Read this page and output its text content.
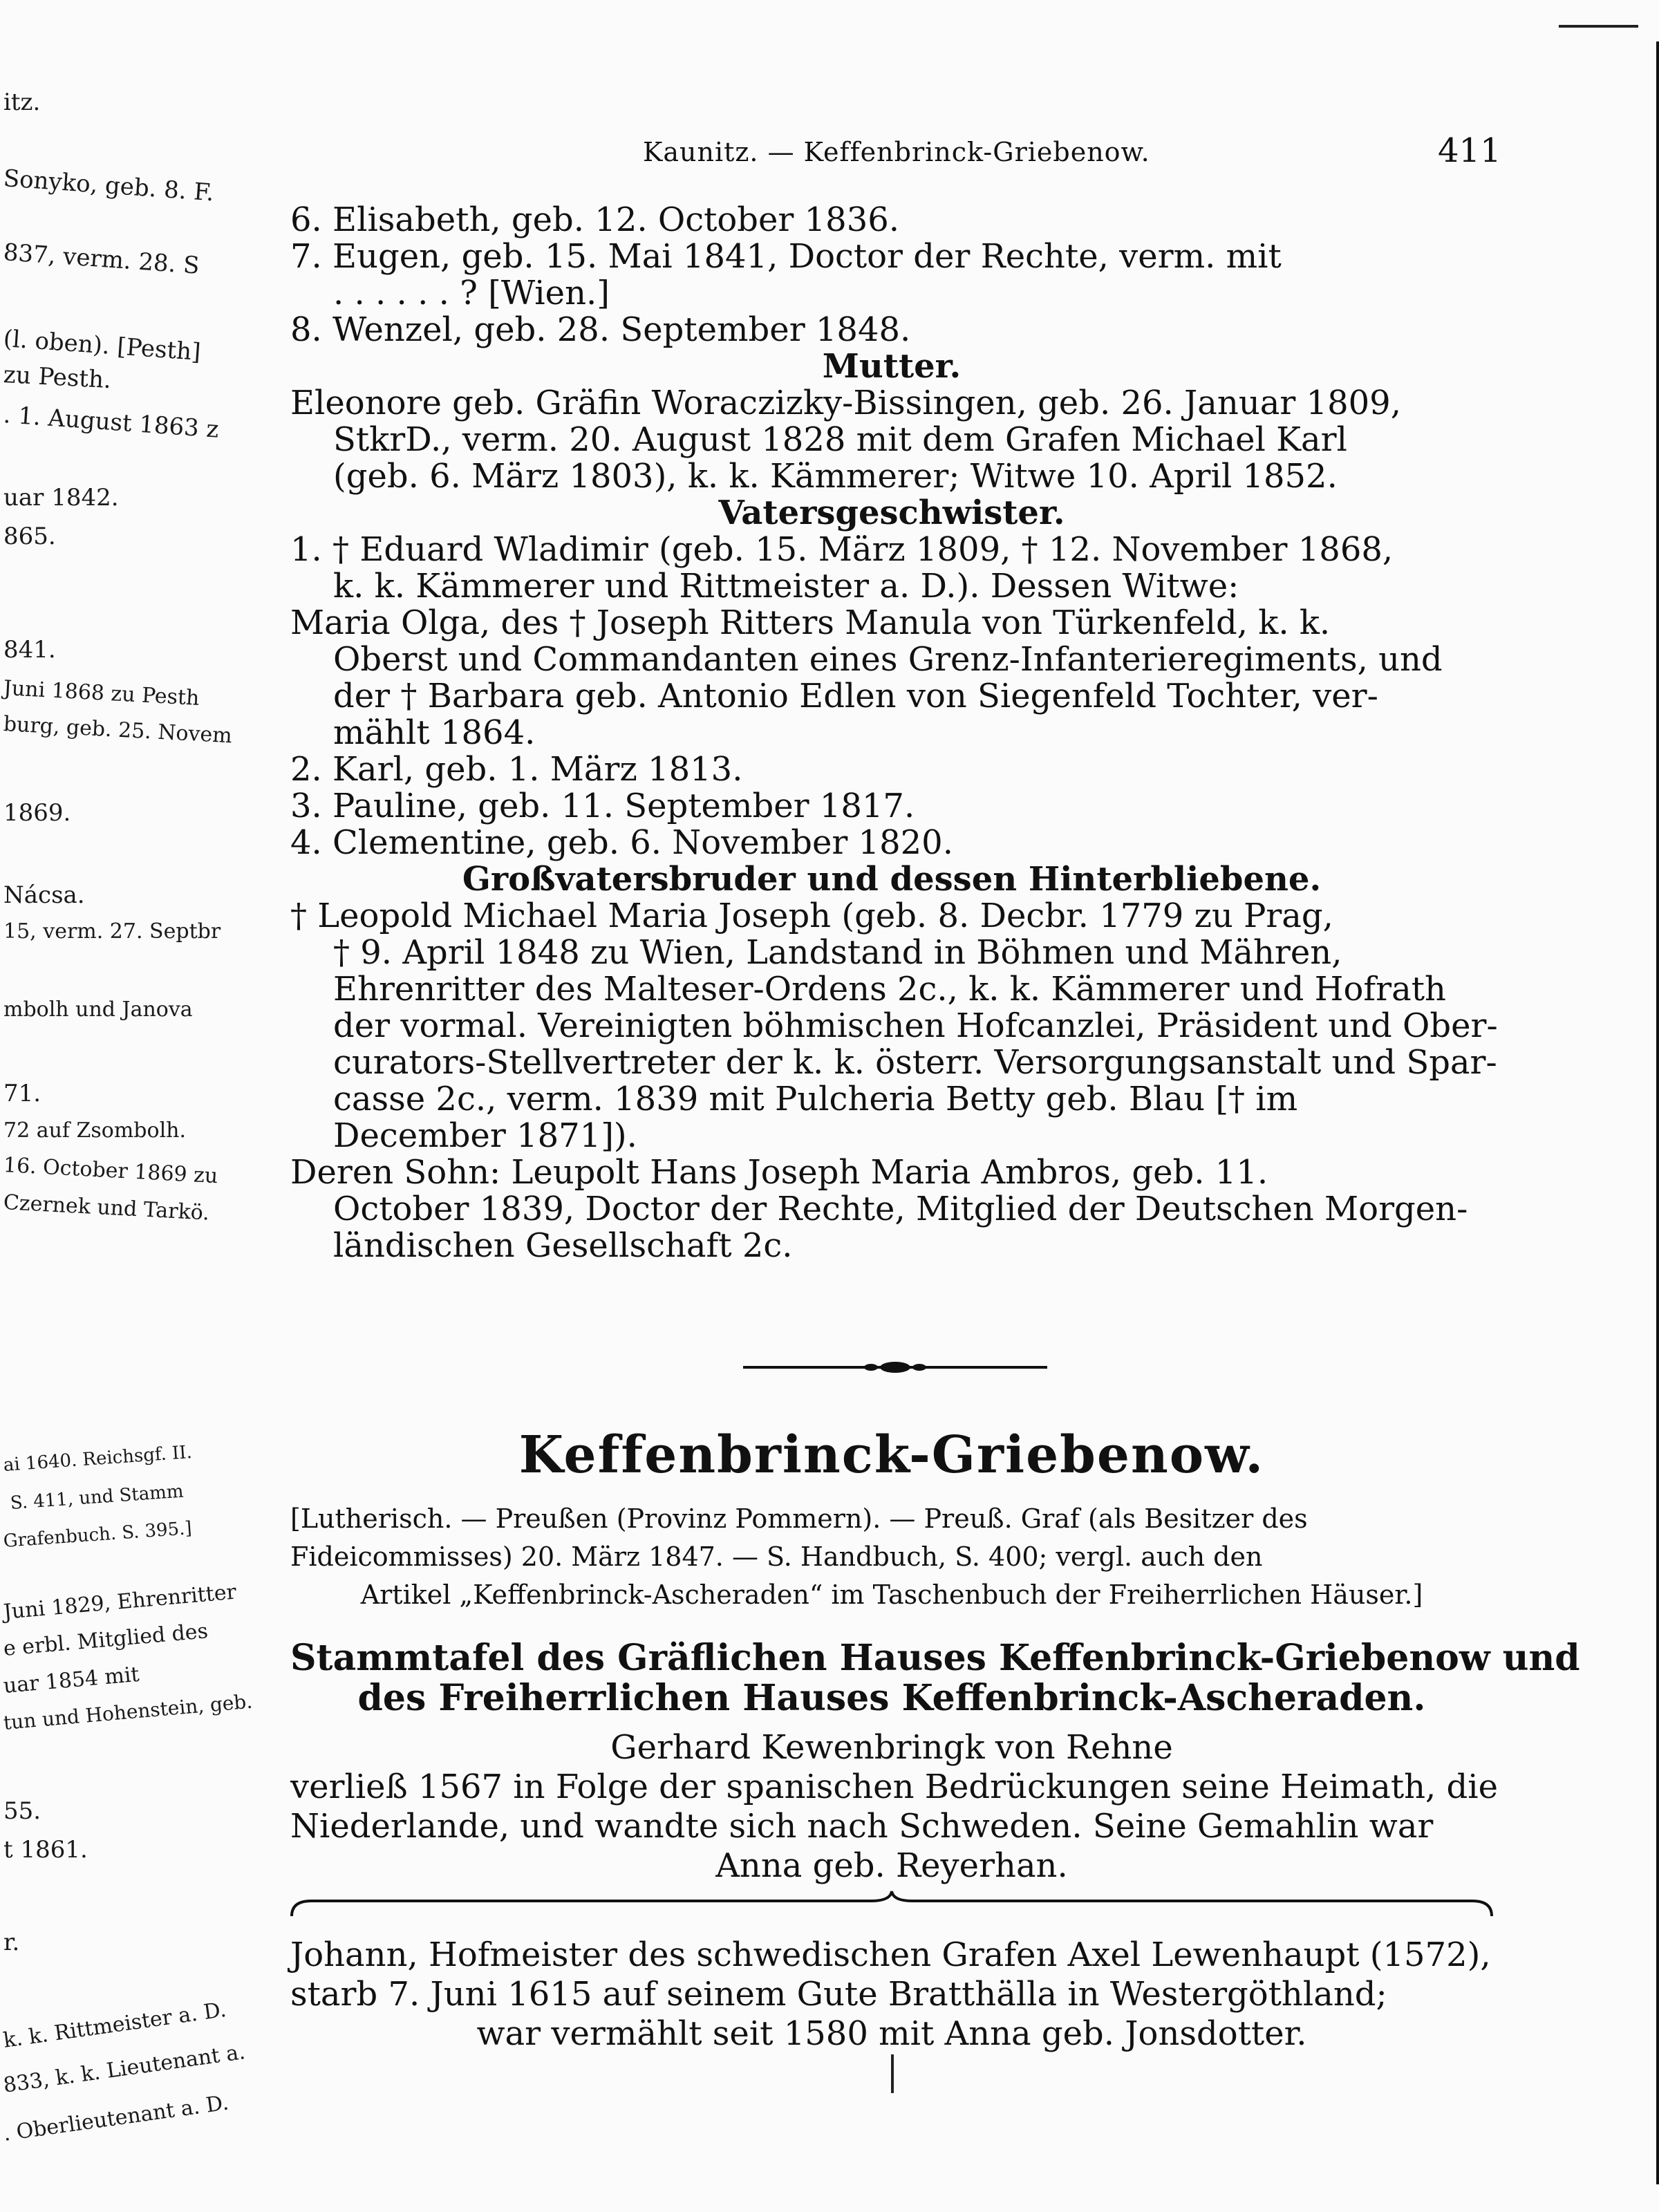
itz.
Sonyko, geb. 8. F.
837, verm. 28. S
(l. oben). [Pesth]
zu Pesth.
. 1. August 1863 z
uar 1842.
865.
841.
Juni 1868 zu Pesth
burg, geb. 25. Novem
1869.
Nácsa.
15, verm. 27. Septbr
mbolh und Janova
71.
72 auf Zsombolh.
16. October 1869 zu
Czernek und Tarkö.
ai 1640. Reichsgf. II.
S. 411, und Stamm
Grafenbuch. S. 395.]
Juni 1829, Ehrenritter
e erbl. Mitglied des
uar 1854 mit
tun und Hohenstein, geb.
55.
t 1861.
r.
k. k. Rittmeister a. D.
833, k. k. Lieutenant a.
. Oberlieutenant a. D.
Kaunitz. — Keffenbrinck-Griebenow.	411
6. Elisabeth, geb. 12. October 1836.
7. Eugen, geb. 15. Mai 1841, Doctor der Rechte, verm. mit
. . . . . . ? [Wien.]
8. Wenzel, geb. 28. September 1848.
Mutter.
Eleonore geb. Gräfin Woraczizky-Bissingen, geb. 26. Januar 1809,
StkrD., verm. 20. August 1828 mit dem Grafen Michael Karl
(geb. 6. März 1803), k. k. Kämmerer; Witwe 10. April 1852.
Vatersgeschwister.
1. † Eduard Wladimir (geb. 15. März 1809, † 12. November 1868,
k. k. Kämmerer und Rittmeister a. D.). Dessen Witwe:
Maria Olga, des † Joseph Ritters Manula von Türkenfeld, k. k.
Oberst und Commandanten eines Grenz-Infanterieregiments, und
der † Barbara geb. Antonio Edlen von Siegenfeld Tochter, ver-
mählt 1864.
2. Karl, geb. 1. März 1813.
3. Pauline, geb. 11. September 1817.
4. Clementine, geb. 6. November 1820.
Großvatersbruder und dessen Hinterbliebene.
† Leopold Michael Maria Joseph (geb. 8. Decbr. 1779 zu Prag,
† 9. April 1848 zu Wien, Landstand in Böhmen und Mähren,
Ehrenritter des Malteser-Ordens 2c., k. k. Kämmerer und Hofrath
der vormal. Vereinigten böhmischen Hofcanzlei, Präsident und Ober-
curators-Stellvertreter der k. k. österr. Versorgungsanstalt und Spar-
casse 2c., verm. 1839 mit Pulcheria Betty geb. Blau [† im
December 1871]).
Deren Sohn: Leupolt Hans Joseph Maria Ambros, geb. 11.
October 1839, Doctor der Rechte, Mitglied der Deutschen Morgen-
ländischen Gesellschaft 2c.
Keffenbrinck-Griebenow.
[Lutherisch. — Preußen (Provinz Pommern). — Preuß. Graf (als Besitzer des
Fideicommisses) 20. März 1847. — S. Handbuch, S. 400; vergl. auch den
Artikel „Keffenbrinck-Ascheraden“ im Taschenbuch der Freiherrlichen Häuser.]
Stammtafel des Gräflichen Hauses Keffenbrinck-Griebenow und
des Freiherrlichen Hauses Keffenbrinck-Ascheraden.
Gerhard Kewenbringk von Rehne
verließ 1567 in Folge der spanischen Bedrückungen seine Heimath, die
Niederlande, und wandte sich nach Schweden. Seine Gemahlin war
Anna geb. Reyerhan.
Johann, Hofmeister des schwedischen Grafen Axel Lewenhaupt (1572),
starb 7. Juni 1615 auf seinem Gute Bratthälla in Westergöthland;
war vermählt seit 1580 mit Anna geb. Jonsdotter.
